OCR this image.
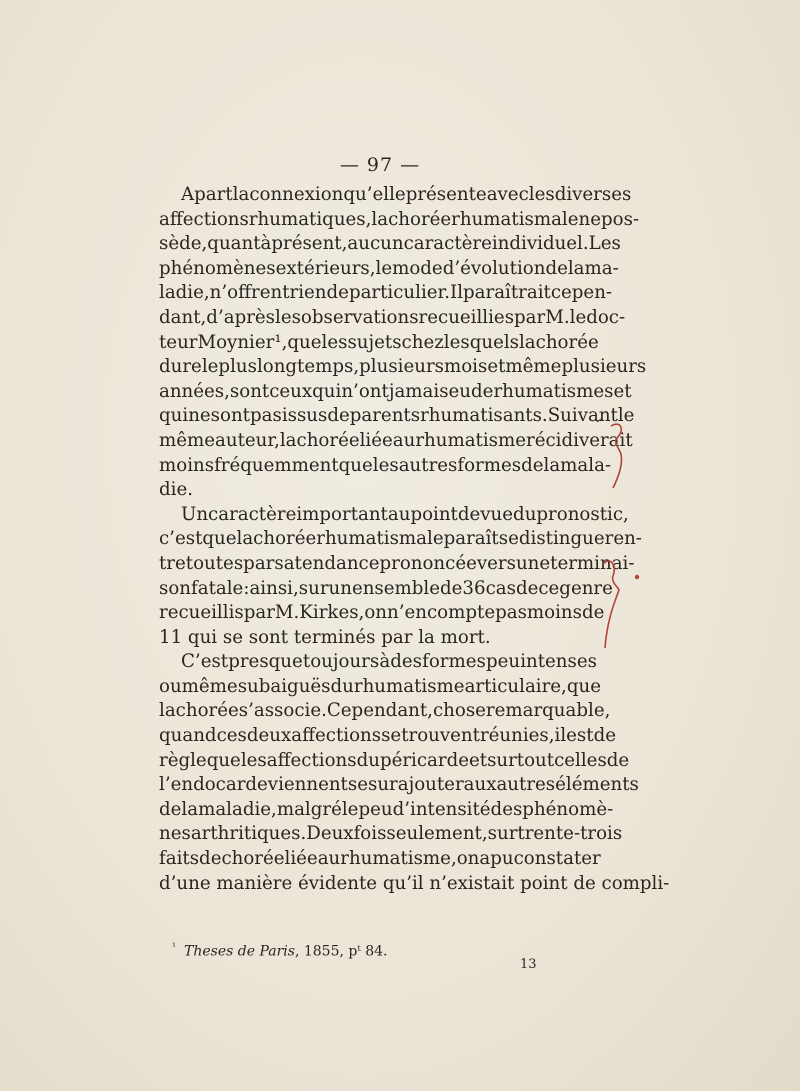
— 97 —
A part la connexion qu’elle présente avec les diverses
affections rhumatiques, la chorée rhumatismale ne pos-
sède, quant à présent, aucun caractère individuel. Les
phénomènes extérieurs, le mode d’évolution de la ma-
ladie, n’offrent rien de particulier. Il paraîtrait cepen-
dant, d’après les observations recueillies par M. le doc-
teur Moynier ¹, que les sujets chez lesquels la chorée
dure le plus longtemps, plusieurs mois et même plusieurs
années, sont ceux qui n’ont jamais eu de rhumatismes et
qui ne sont pas issus de parents rhumatisants. Suivant le
même auteur, la chorée liée au rhumatisme récidiverait
moins fréquemment que les autres formes de la mala-
die.
Un caractère important au point de vue du pronostic,
c’est que la chorée rhumatismale paraît se distinguer en-
tre toutes par sa tendance prononcée vers une terminai-
son fatale : ainsi, sur un ensemble de 36 cas de ce genre
recueillis par M. Kirkes, on n’en compte pas moins de
11 qui se sont terminés par la mort.
C’est presque toujours à des formes peu intenses
ou même subaiguës du rhumatisme articulaire, que
la chorée s’associe. Cependant, chose remarquable,
quand ces deux affections se trouvent réunies, il est de
règle que les affections du péricarde et surtout celles de
l’endocarde viennent se surajouter aux autres éléments
de la maladie, malgré le peu d’intensité des phénomè-
nes arthritiques. Deux fois seulement, sur trente-trois
faits de chorée liée au rhumatisme, on a pu constater
d’une manière évidente qu’il n’existait point de compli-
$^{^1}$ Theses de Paris, 1855, pᵗ 84.
13
